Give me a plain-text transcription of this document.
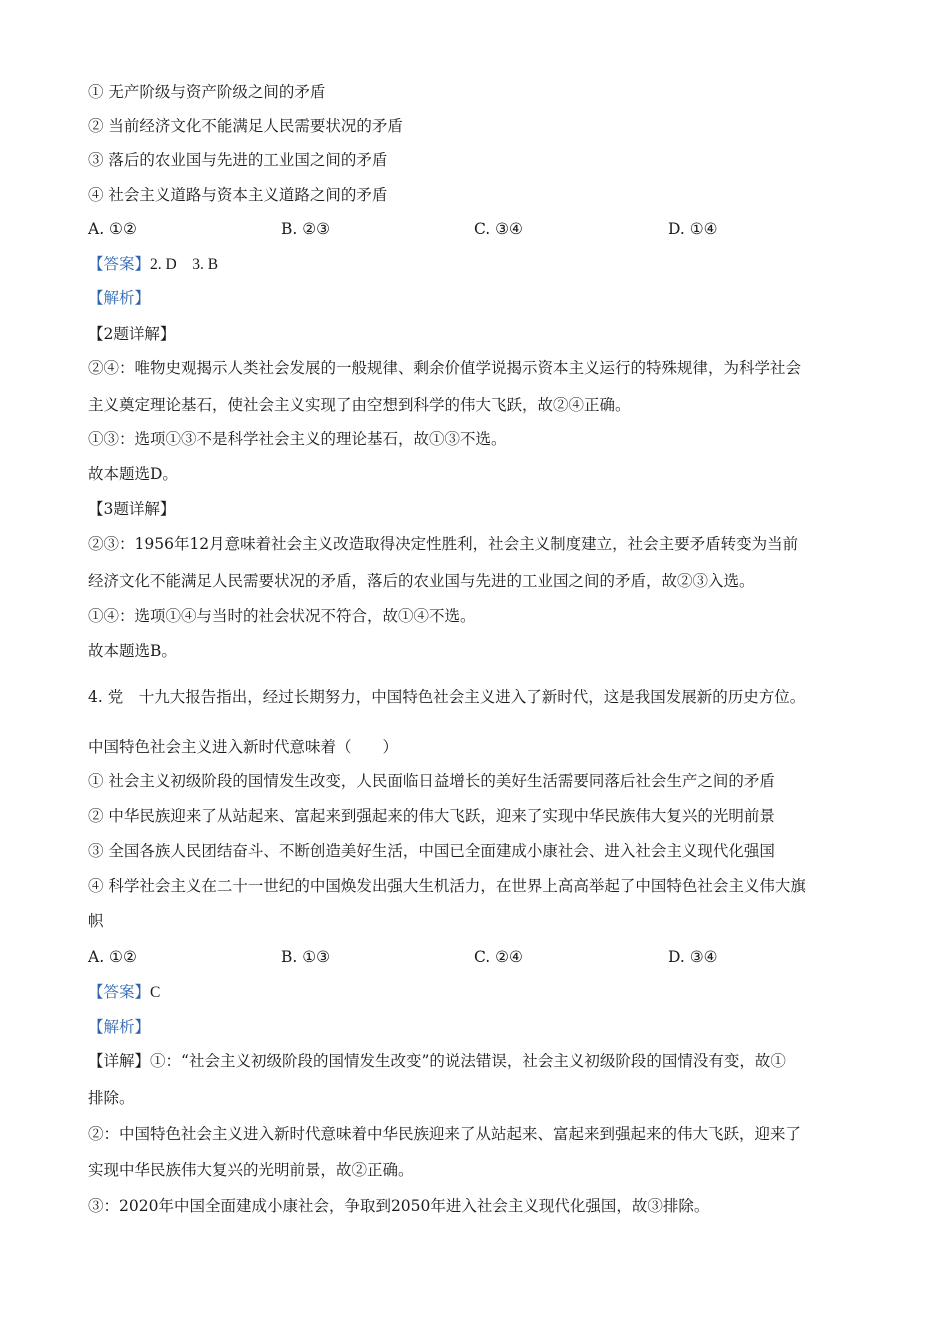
① 无产阶级与资产阶级之间的矛盾
② 当前经济文化不能满足人民需要状况的矛盾
③ 落后的农业国与先进的工业国之间的矛盾
④ 社会主义道路与资本主义道路之间的矛盾
A. ①②	B. ②③	C. ③④	D. ①④
【答案】2. D　3. B
【解析】
【2题详解】
②④：唯物史观揭示人类社会发展的一般规律、剩余价值学说揭示资本主义运行的特殊规律，为科学社会
主义奠定理论基石，使社会主义实现了由空想到科学的伟大飞跃，故②④正确。
①③：选项①③不是科学社会主义的理论基石，故①③不选。
故本题选D。
【3题详解】
②③：1956年12月意味着社会主义改造取得决定性胜利，社会主义制度建立，社会主要矛盾转变为当前
经济文化不能满足人民需要状况的矛盾，落后的农业国与先进的工业国之间的矛盾，故②③入选。
①④：选项①④与当时的社会状况不符合，故①④不选。
故本题选B。
4. 党　十九大报告指出，经过长期努力，中国特色社会主义进入了新时代，这是我国发展新的历史方位。
中国特色社会主义进入新时代意味着（　　）
① 社会主义初级阶段的国情发生改变，人民面临日益增长的美好生活需要同落后社会生产之间的矛盾
② 中华民族迎来了从站起来、富起来到强起来的伟大飞跃，迎来了实现中华民族伟大复兴的光明前景
③ 全国各族人民团结奋斗、不断创造美好生活，中国已全面建成小康社会、进入社会主义现代化强国
④ 科学社会主义在二十一世纪的中国焕发出强大生机活力，在世界上高高举起了中国特色社会主义伟大旗
帜
A. ①②	B. ①③	C. ②④	D. ③④
【答案】C
【解析】
【详解】①：“社会主义初级阶段的国情发生改变”的说法错误，社会主义初级阶段的国情没有变，故①
排除。
②：中国特色社会主义进入新时代意味着中华民族迎来了从站起来、富起来到强起来的伟大飞跃，迎来了
实现中华民族伟大复兴的光明前景，故②正确。
③：2020年中国全面建成小康社会，争取到2050年进入社会主义现代化强国，故③排除。
